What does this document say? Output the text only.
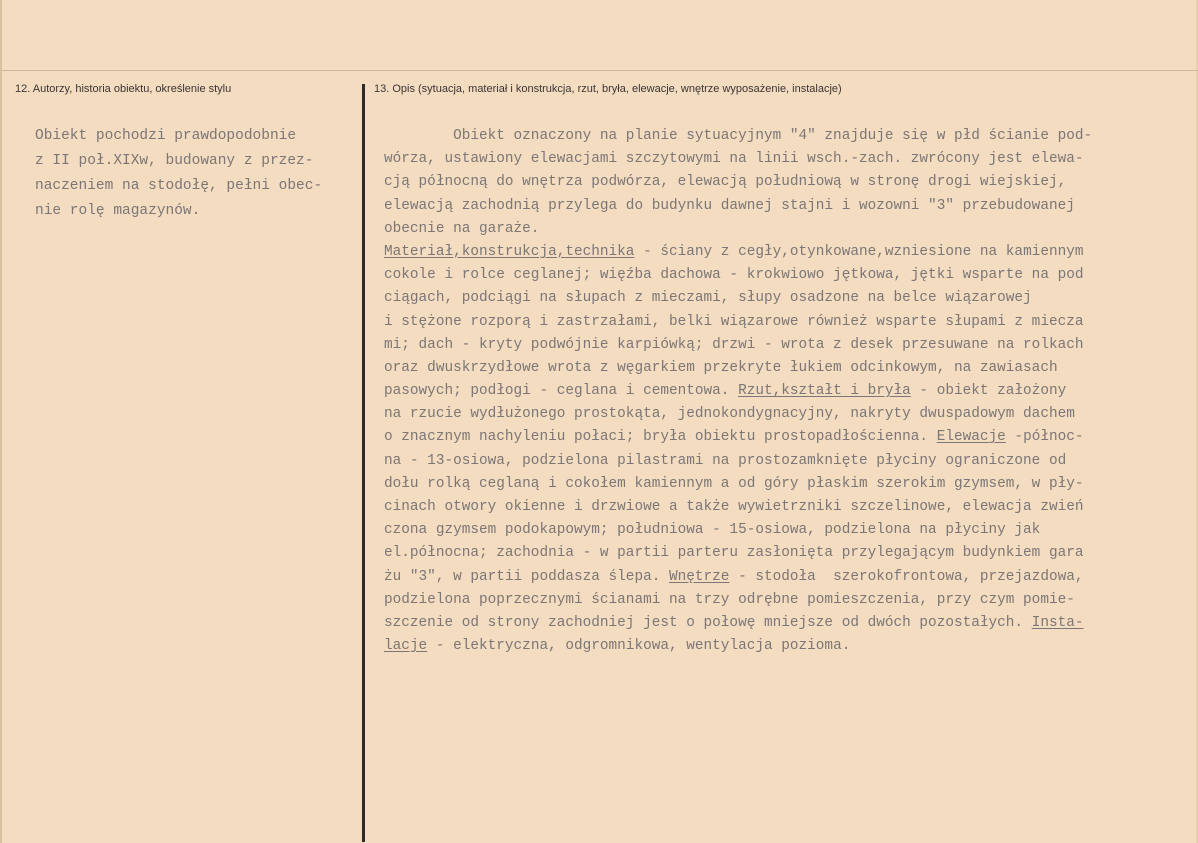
12. Autorzy, historia obiektu, określenie stylu	13. Opis (sytuacja, materiał i konstrukcja, rzut, bryła, elewacje, wnętrze wyposażenie, instalacje)
Obiekt pochodzi prawdopodobnie
z II poł.XIXw, budowany z przez-
naczeniem na stodołę, pełni obec-
nie rolę magazynów.
Obiekt oznaczony na planie sytuacyjnym "4" znajduje się w płd ścianie pod-
wórza, ustawiony elewacjami szczytowymi na linii wsch.-zach. zwrócony jest elewa-
cją północną do wnętrza podwórza, elewacją południową w stronę drogi wiejskiej,
elewacją zachodnią przylega do budynku dawnej stajni i wozowni "3" przebudowanej
obecnie na garaże.
Materiał,konstrukcja,technika - ściany z cegły,otynkowane,wzniesione na kamiennym
cokole i rolce ceglanej; więźba dachowa - krokwiowo jętkowa, jętki wsparte na pod
ciągach, podciągi na słupach z mieczami, słupy osadzone na belce wiązarowej
i stężone rozporą i zastrzałami, belki wiązarowe również wsparte słupami z miecza
mi; dach - kryty podwójnie karpiówką; drzwi - wrota z desek przesuwane na rolkach
oraz dwuskrzydłowe wrota z węgarkiem przekryte łukiem odcinkowym, na zawiasach
pasowych; podłogi - ceglana i cementowa. Rzut,kształt i bryła - obiekt założony
na rzucie wydłużonego prostokąta, jednokondygnacyjny, nakryty dwuspadowym dachem
o znacznym nachyleniu połaci; bryła obiektu prostopadłościenna. Elewacje -północ-
na - 13-osiowa, podzielona pilastrami na prostozamknięte płyciny ograniczone od
dołu rolką ceglaną i cokołem kamiennym a od góry płaskim szerokim gzymsem, w pły-
cinach otwory okienne i drzwiowe a także wywietrzniki szczelinowe, elewacja zwień
czona gzymsem podokapowym; południowa - 15-osiowa, podzielona na płyciny jak
el.północna; zachodnia - w partii parteru zasłonięta przylegającym budynkiem gara
żu "3", w partii poddasza ślepa. Wnętrze - stodoła  szerokofrontowa, przejazdowa,
podzielona poprzecznymi ścianami na trzy odrębne pomieszczenia, przy czym pomie-
szczenie od strony zachodniej jest o połowę mniejsze od dwóch pozostałych. Insta-
lacje - elektryczna, odgromnikowa, wentylacja pozioma.
